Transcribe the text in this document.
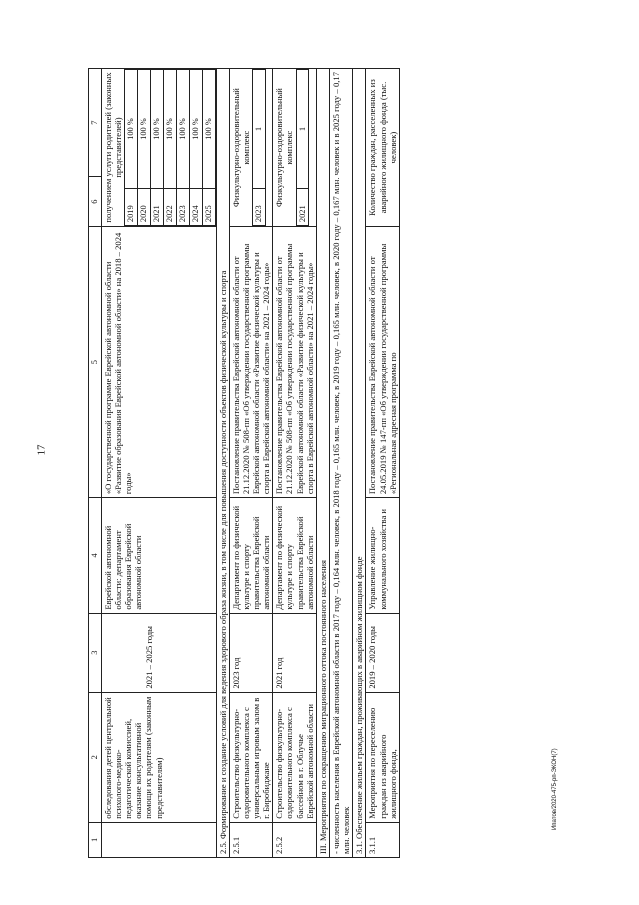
17
1	2	3	4	5	6	7
	обследования детей центральной психолого-медико-педагогической комиссией, оказание консультативной помощи их родителям (законным представителям)	2021 – 2025 годы	Еврейской автономной области: департамент образования Еврейской автономной области	«О государственной программе Еврейской автономной области «Развитие образования Еврейской автономной области» на 2018 – 2024 годы»	
получением услуги родителей (законных представителей)
2019	100 %
2020	100 %
2021	100 %
2022	100 %
2023	100 %
2024	100 %
2025	100 %

2.5. Формирование и создание условий для ведения здорового образа жизни, в том числе для повышения доступности объектов физической культуры и спорта
2.5.1	Строительство физкультурно-оздоровительного комплекса с универсальным игровым залом в г. Биробиджане	2023 год	Департамент по физической культуре и спорту правительства Еврейской автономной области	Постановление правительства Еврейской автономной области от 21.12.2020 № 508-пп «Об утверждении государственной программы Еврейской автономной области «Развитие физической культуры и спорта в Еврейской автономной области» на 2021 – 2024 годы»	
Физкультурно-оздоровительный комплекс
2023	1

2.5.2	Строительство физкультурно-оздоровительного комплекса с бассейном в г. Облучье Еврейской автономной области	2021 год	Департамент по физической культуре и спорту правительства Еврейской автономной области	Постановление правительства Еврейской автономной области от 21.12.2020 № 508-пп «Об утверждении государственной программы Еврейской автономной области «Развитие физической культуры и спорта в Еврейской автономной области» на 2021 – 2024 годы»	
Физкультурно-оздоровительный комплекс
2021	1

III. Мероприятия по сокращению миграционного оттока постоянного населения
- численность населения в Еврейской автономной области в 2017 году – 0,164 млн. человек, в 2018 году – 0,165 млн. человек, в 2019 году – 0,165 млн. человек, в 2020 году – 0,167 млн. человек и в 2025 году – 0,17 млн. человек
3.1. Обеспечение жильем граждан, проживающих в аварийном жилищном фонде
3.1.1	Мероприятия по переселению граждан из аварийного жилищного фонда,	2019 – 2020 годы	Управление жилищно-коммунального хозяйства и	Постановление правительства Еврейской автономной области от 24.05.2019 № 147-пп «Об утверждении государственной программы «Региональная адресная программа по	Количество граждан, расселенных из аварийного жилищного фонда (тыс. человек)
Ипатов/2020-475-рп-ЭКОН(7)
